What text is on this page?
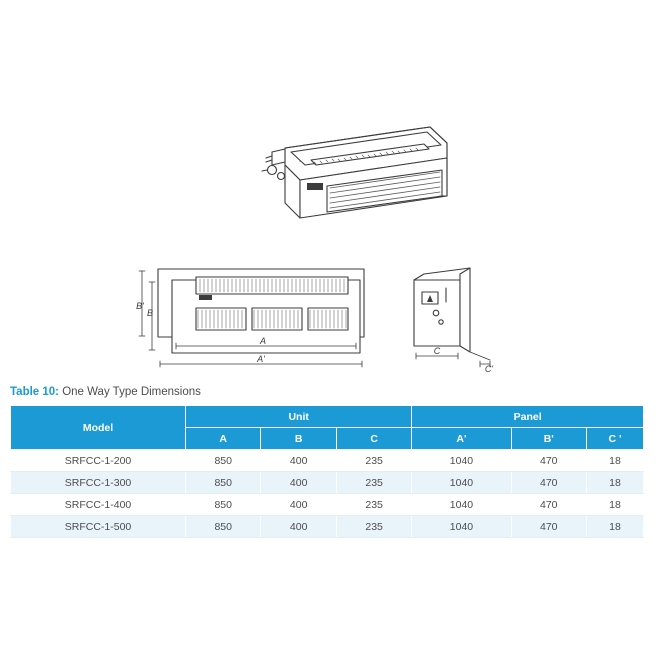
A
A'
B
B'
C
C'
Table 10: One Way Type Dimensions
Model	Unit			Panel		
	A	B	C	A'	B'	C '
SRFCC-1-200	850	400	235	1040	470	18
SRFCC-1-300	850	400	235	1040	470	18
SRFCC-1-400	850	400	235	1040	470	18
SRFCC-1-500	850	400	235	1040	470	18
